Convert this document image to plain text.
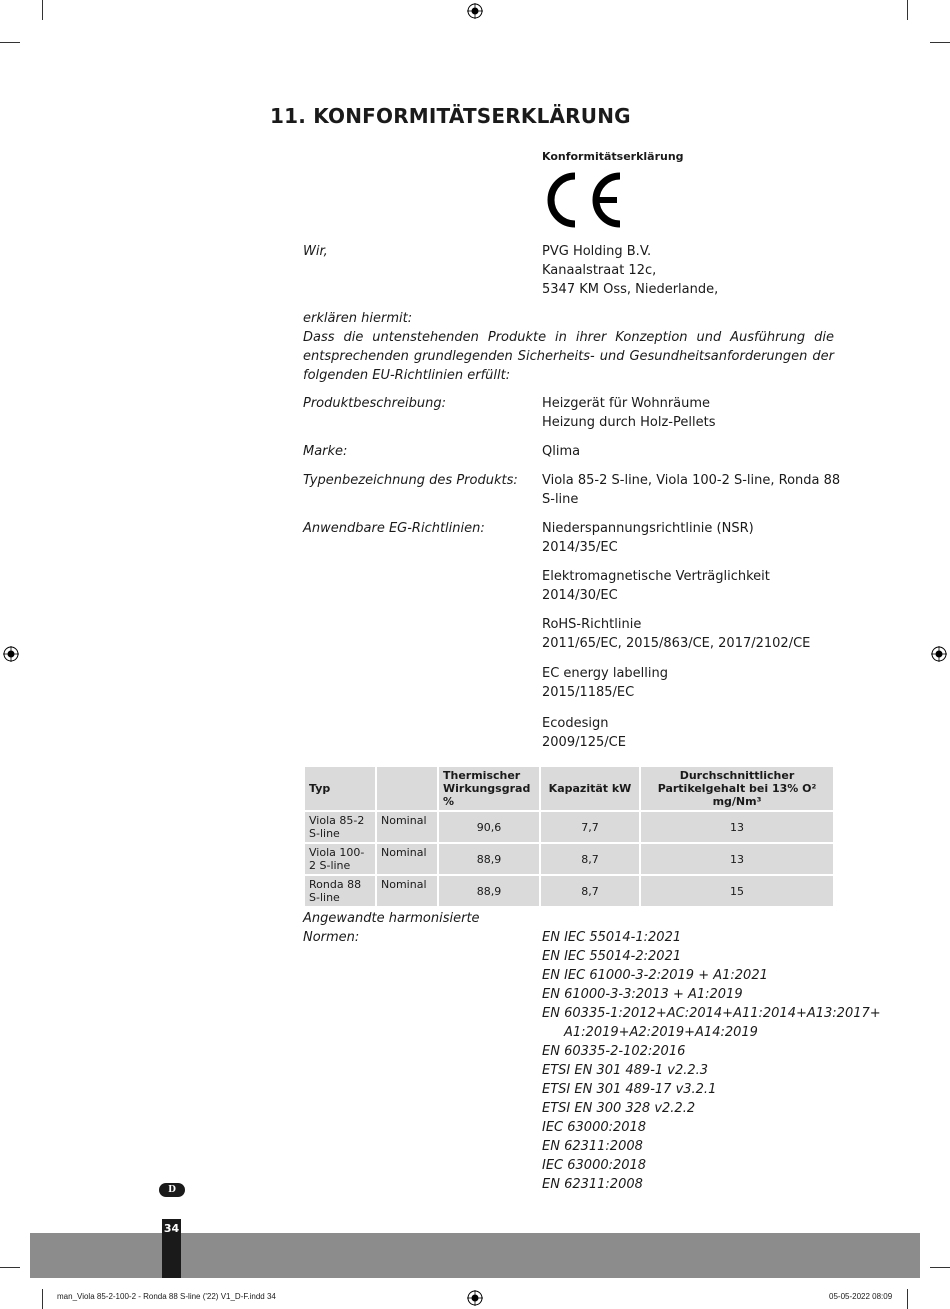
11. KONFORMITÄTSERKLÄRUNG
Konformitätserklärung
Wir,	PVG Holding B.V.
Kanaalstraat 12c,
5347 KM Oss, Niederlande,
erklären hiermit:
Dass die untenstehenden Produkte in ihrer Konzeption und Ausführung die entsprechenden grundlegenden Sicherheits- und Gesundheitsanforderungen der folgenden EU-Richtlinien erfüllt:
Produktbeschreibung:	Heizgerät für Wohnräume
Heizung durch Holz-Pellets
Marke:	Qlima
Typenbezeichnung des Produkts: Viola 85-2 S-line, Viola 100-2 S-line, Ronda 88
S-line
Anwendbare EG-Richtlinien:	Niederspannungsrichtlinie (NSR)
2014/35/EC
Elektromagnetische Verträglichkeit
2014/30/EC
RoHS-Richtlinie
2011/65/EC, 2015/863/CE, 2017/2102/CE
EC energy labelling
2015/1185/EC
Ecodesign
2009/125/CE
Typ		Thermischer Wirkungsgrad %	Kapazität kW	Durchschnittlicher Partikelgehalt bei 13% O² mg/Nm³
Viola 85-2 S-line	Nominal	90,6	7,7	13
Viola 100-2 S-line	Nominal	88,9	8,7	13
Ronda 88 S-line	Nominal	88,9	8,7	15
Angewandte harmonisierte
Normen:	EN IEC 55014-1:2021
EN IEC 55014-2:2021
EN IEC 61000-3-2:2019 + A1:2021
EN 61000-3-3:2013 + A1:2019
EN 60335-1:2012+AC:2014+A11:2014+A13:2017+
A1:2019+A2:2019+A14:2019
EN 60335-2-102:2016
ETSI EN 301 489-1 v2.2.3
ETSI EN 301 489-17 v3.2.1
ETSI EN 300 328 v2.2.2
IEC 63000:2018
EN 62311:2008
IEC 63000:2018
EN 62311:2008
D
34
man_Viola 85-2-100-2 - Ronda 88 S-line ('22) V1_D-F.indd 34	05-05-2022 08:09
